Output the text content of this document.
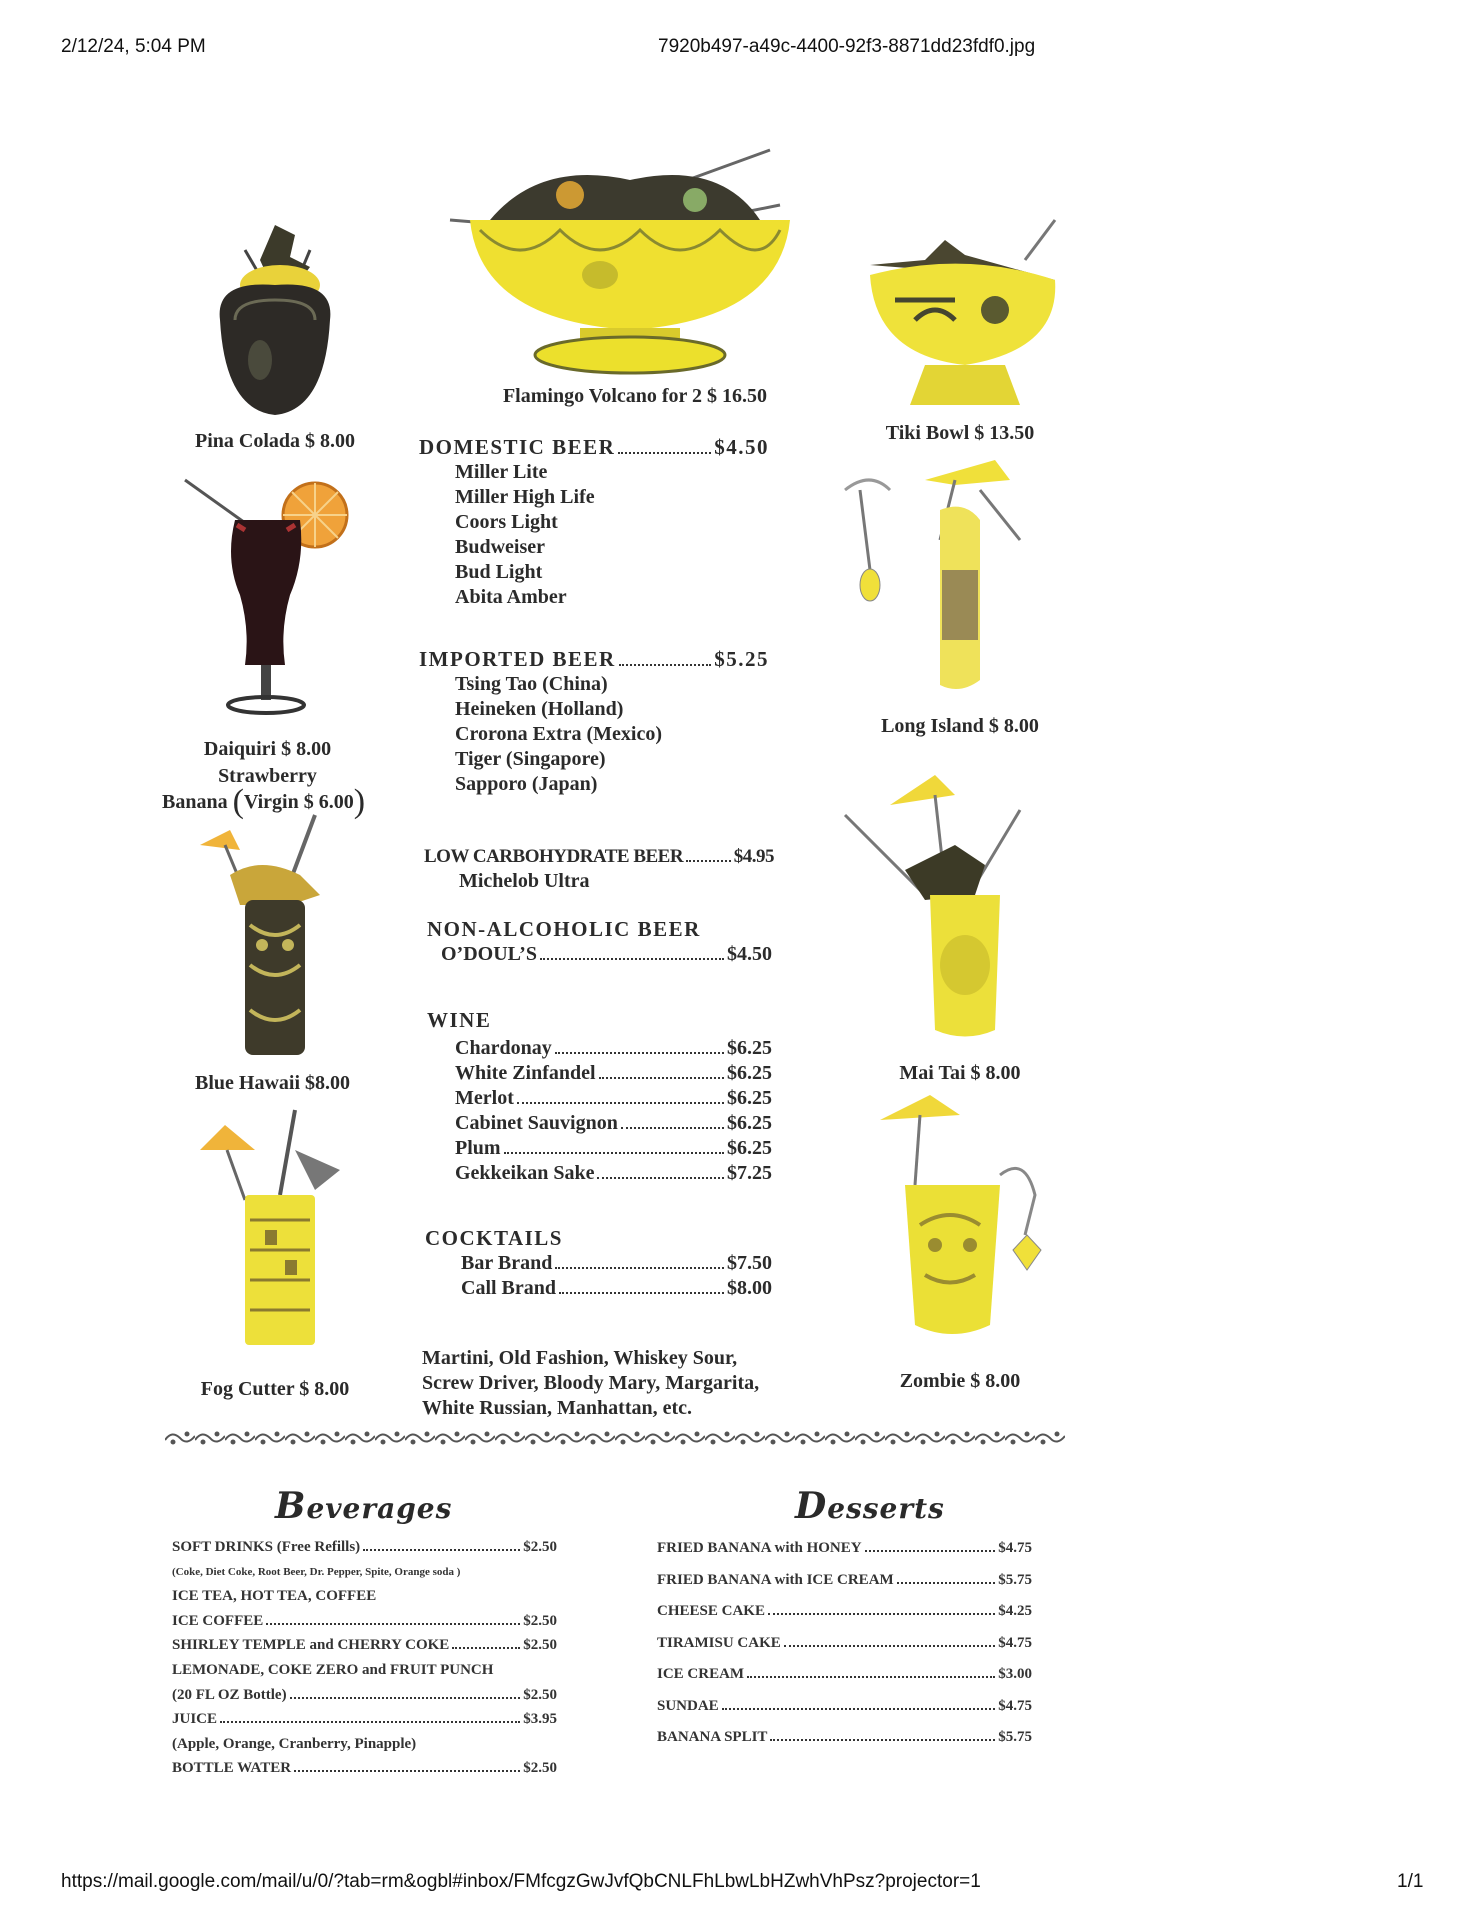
2/12/24, 5:04 PM	7920b497-a49c-4400-92f3-8871dd23fdf0.jpg
Pina Colada $ 8.00
Flamingo Volcano for 2 $ 16.50
Tiki Bowl $ 13.50
Daiquiri $ 8.00
Strawberry
Banana (Virgin $ 6.00)
Long Island $ 8.00
Blue Hawaii $8.00	Mai Tai $ 8.00
Fog Cutter $ 8.00	Zombie $ 8.00
DOMESTIC BEER	$4.50
Miller Lite
Miller High Life
Coors Light
Budweiser
Bud Light
Abita Amber
IMPORTED BEER	$5.25
Tsing Tao (China)
Heineken (Holland)
Crorona Extra (Mexico)
Tiger (Singapore)
Sapporo (Japan)
LOW CARBOHYDRATE BEER	$4.95
Michelob Ultra
NON-ALCOHOLIC BEER
O’DOUL’S	$4.50
WINE
Chardonay	$6.25
White Zinfandel	$6.25
Merlot	$6.25
Cabinet Sauvignon	$6.25
Plum	$6.25
Gekkeikan Sake	$7.25
COCKTAILS
Bar Brand	$7.50
Call Brand	$8.00
Martini, Old Fashion, Whiskey Sour,
Screw Driver, Bloody Mary, Margarita,
White Russian, Manhattan, etc.
Beverages
SOFT DRINKS (Free Refills)	$2.50
(Coke, Diet Coke, Root Beer, Dr. Pepper, Spite, Orange soda )
ICE TEA, HOT TEA, COFFEE
ICE COFFEE	$2.50
SHIRLEY TEMPLE and CHERRY COKE	$2.50
LEMONADE, COKE ZERO and FRUIT PUNCH
(20 FL OZ Bottle)	$2.50
JUICE	$3.95
(Apple, Orange, Cranberry, Pinapple)
BOTTLE WATER	$2.50
Desserts
FRIED BANANA with HONEY	$4.75
FRIED BANANA with ICE CREAM	$5.75
CHEESE CAKE	$4.25
TIRAMISU CAKE	$4.75
ICE CREAM	$3.00
SUNDAE	$4.75
BANANA SPLIT	$5.75
https://mail.google.com/mail/u/0/?tab=rm&ogbl#inbox/FMfcgzGwJvfQbCNLFhLbwLbHZwhVhPsz?projector=1	1/1
